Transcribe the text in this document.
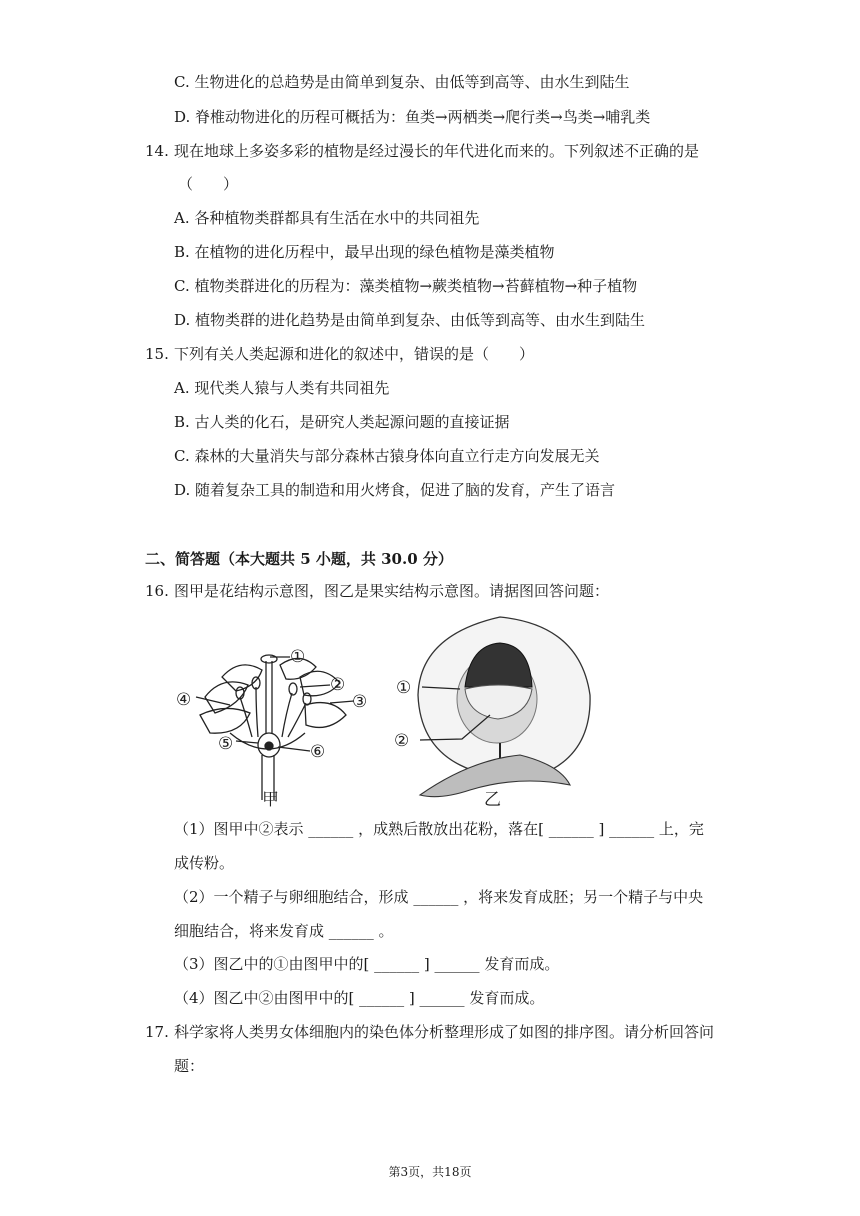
C. 生物进化的总趋势是由简单到复杂、由低等到高等、由水生到陆生
D. 脊椎动物进化的历程可概括为：鱼类→两栖类→爬行类→鸟类→哺乳类
14. 现在地球上多姿多彩的植物是经过漫长的年代进化而来的。下列叙述不正确的是
（　　）
A. 各种植物类群都具有生活在水中的共同祖先
B. 在植物的进化历程中，最早出现的绿色植物是藻类植物
C. 植物类群进化的历程为：藻类植物→蕨类植物→苔藓植物→种子植物
D. 植物类群的进化趋势是由简单到复杂、由低等到高等、由水生到陆生
15. 下列有关人类起源和进化的叙述中，错误的是（　　）
A. 现代类人猿与人类有共同祖先
B. 古人类的化石，是研究人类起源问题的直接证据
C. 森林的大量消失与部分森林古猿身体向直立行走方向发展无关
D. 随着复杂工具的制造和用火烤食，促进了脑的发育，产生了语言
二、简答题（本大题共 5 小题，共 30.0 分）
16. 图甲是花结构示意图，图乙是果实结构示意图。请据图回答问题：
①
②
③
④
⑤	⑥
甲
①
②
乙
（1）图甲中②表示 ______ ，成熟后散放出花粉，落在[ ______ ] ______ 上，完
成传粉。
（2）一个精子与卵细胞结合，形成 ______ ，将来发育成胚；另一个精子与中央
细胞结合，将来发育成 ______ 。
（3）图乙中的①由图甲中的[ ______ ] ______ 发育而成。
（4）图乙中②由图甲中的[ ______ ] ______ 发育而成。
17. 科学家将人类男女体细胞内的染色体分析整理形成了如图的排序图。请分析回答问
题：
第3页，共18页
